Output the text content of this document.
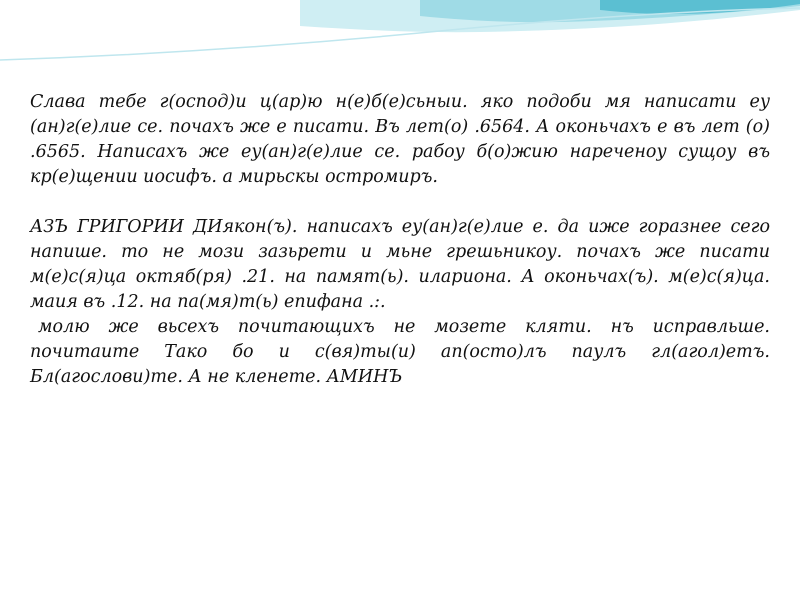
Слава тебе г(оспод)и ц(ар)ю н(е)б(е)сьныи. яко подоби мя написати еу (ан)г(е)лие се. почахъ же е писати. Въ лет(о) .6564. А оконьчахъ е въ лет (о) .6565. Написахъ же еу(ан)г(е)лие се. рабоу б(о)жию нареченоу сущоу въ кр(е)щении иосифъ. а мирьскы остромиръ.

АЗЪ ГРИГОРИИ ДИякон(ъ). написахъ еу(ан)г(е)лие е. да иже горазнее сего напише. то не мози зазьрети и мьне грешьникоу. почахъ же писати м(е)с(я)ца октяб(ря) .21. на памят(ь). илариона. А оконьчах(ъ). м(е)с(я)ца. маия въ .12. на па(мя)т(ь) епифана .:.

молю же вьсехъ почитающихъ не мозете кляти. нъ исправльше. почитаите Тако бо и с(вя)ты(и) ап(осто)лъ паулъ гл(агол)етъ. Бл(агослови)те. А не кленете. АМИНЪ
